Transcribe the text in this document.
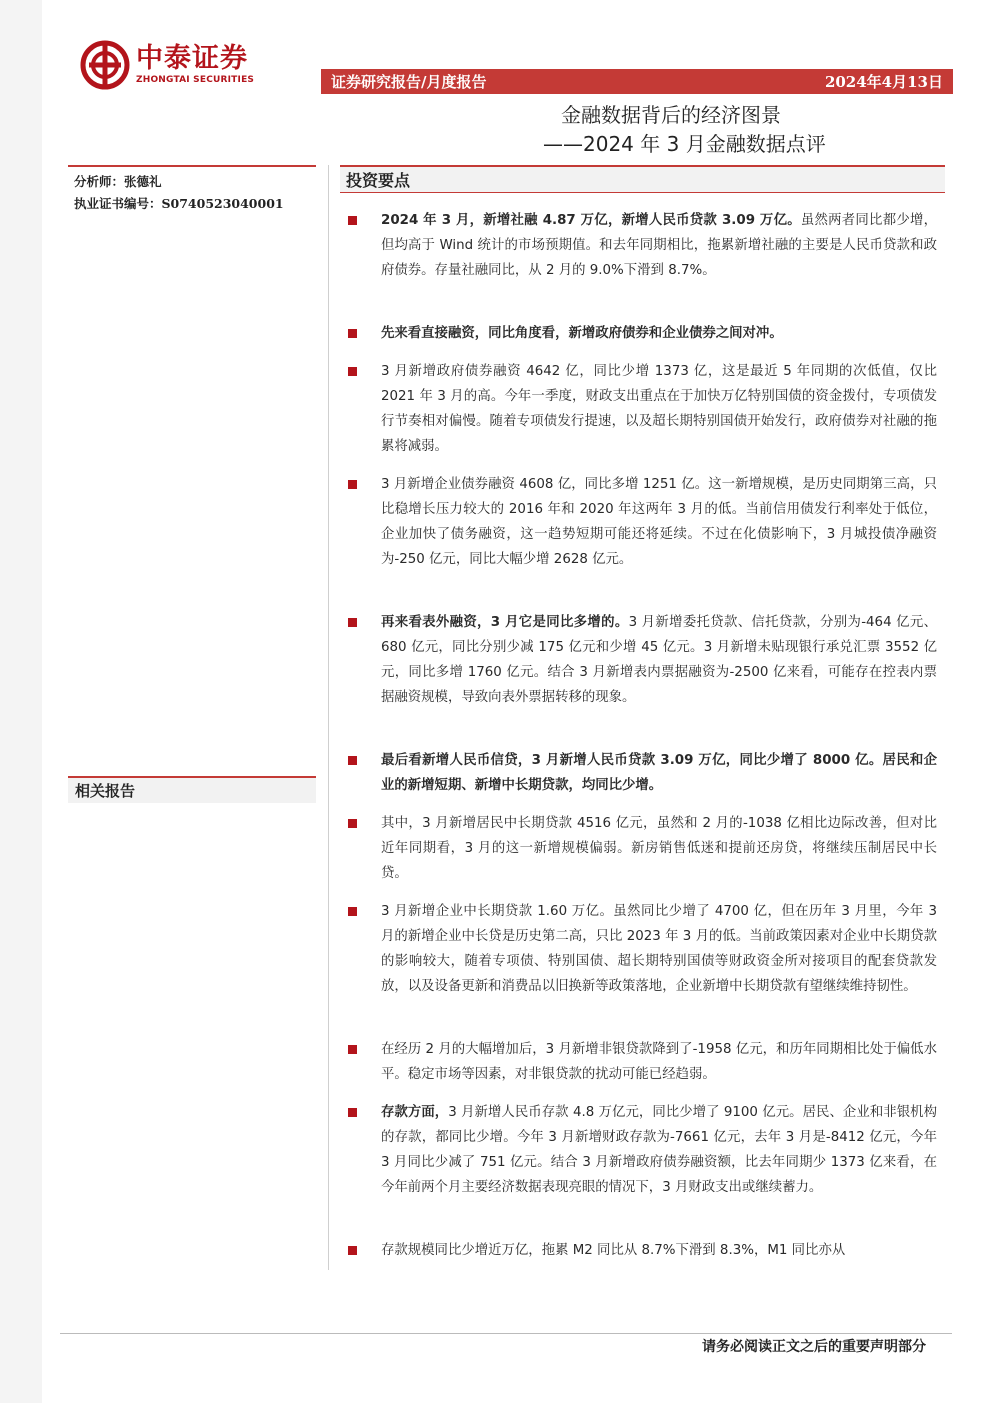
中泰证券
ZHONGTAI SECURITIES	证券研究报告/月度报告	2024年4月13日
金融数据背后的经济图景
——2024 年 3 月金融数据点评
分析师：张德礼
执业证书编号：S0740523040001
相关报告
投资要点
2024 年 3 月，新增社融 4.87 万亿，新增人民币贷款 3.09 万亿。虽然两者同比都少增，但均高于 Wind 统计的市场预期值。和去年同期相比，拖累新增社融的主要是人民币贷款和政府债券。存量社融同比，从 2 月的 9.0%下滑到 8.7%。
先来看直接融资，同比角度看，新增政府债券和企业债券之间对冲。
3 月新增政府债券融资 4642 亿，同比少增 1373 亿，这是最近 5 年同期的次低值，仅比 2021 年 3 月的高。今年一季度，财政支出重点在于加快万亿特别国债的资金拨付，专项债发行节奏相对偏慢。随着专项债发行提速，以及超长期特别国债开始发行，政府债券对社融的拖累将减弱。
3 月新增企业债券融资 4608 亿，同比多增 1251 亿。这一新增规模，是历史同期第三高，只比稳增长压力较大的 2016 年和 2020 年这两年 3 月的低。当前信用债发行利率处于低位，企业加快了债务融资，这一趋势短期可能还将延续。不过在化债影响下，3 月城投债净融资为-250 亿元，同比大幅少增 2628 亿元。
再来看表外融资，3 月它是同比多增的。3 月新增委托贷款、信托贷款，分别为-464 亿元、680 亿元，同比分别少减 175 亿元和少增 45 亿元。3 月新增未贴现银行承兑汇票 3552 亿元，同比多增 1760 亿元。结合 3 月新增表内票据融资为-2500 亿来看，可能存在控表内票据融资规模，导致向表外票据转移的现象。
最后看新增人民币信贷，3 月新增人民币贷款 3.09 万亿，同比少增了 8000 亿。居民和企业的新增短期、新增中长期贷款，均同比少增。
其中，3 月新增居民中长期贷款 4516 亿元，虽然和 2 月的-1038 亿相比边际改善，但对比近年同期看，3 月的这一新增规模偏弱。新房销售低迷和提前还房贷，将继续压制居民中长贷。
3 月新增企业中长期贷款 1.60 万亿。虽然同比少增了 4700 亿，但在历年 3 月里，今年 3 月的新增企业中长贷是历史第二高，只比 2023 年 3 月的低。当前政策因素对企业中长期贷款的影响较大，随着专项债、特别国债、超长期特别国债等财政资金所对接项目的配套贷款发放，以及设备更新和消费品以旧换新等政策落地，企业新增中长期贷款有望继续维持韧性。
在经历 2 月的大幅增加后，3 月新增非银贷款降到了-1958 亿元，和历年同期相比处于偏低水平。稳定市场等因素，对非银贷款的扰动可能已经趋弱。
存款方面，3 月新增人民币存款 4.8 万亿元，同比少增了 9100 亿元。居民、企业和非银机构的存款，都同比少增。今年 3 月新增财政存款为-7661 亿元，去年 3 月是-8412 亿元，今年 3 月同比少减了 751 亿元。结合 3 月新增政府债券融资额，比去年同期少 1373 亿来看，在今年前两个月主要经济数据表现亮眼的情况下，3 月财政支出或继续蓄力。
存款规模同比少增近万亿，拖累 M2 同比从 8.7%下滑到 8.3%，M1 同比亦从
请务必阅读正文之后的重要声明部分
